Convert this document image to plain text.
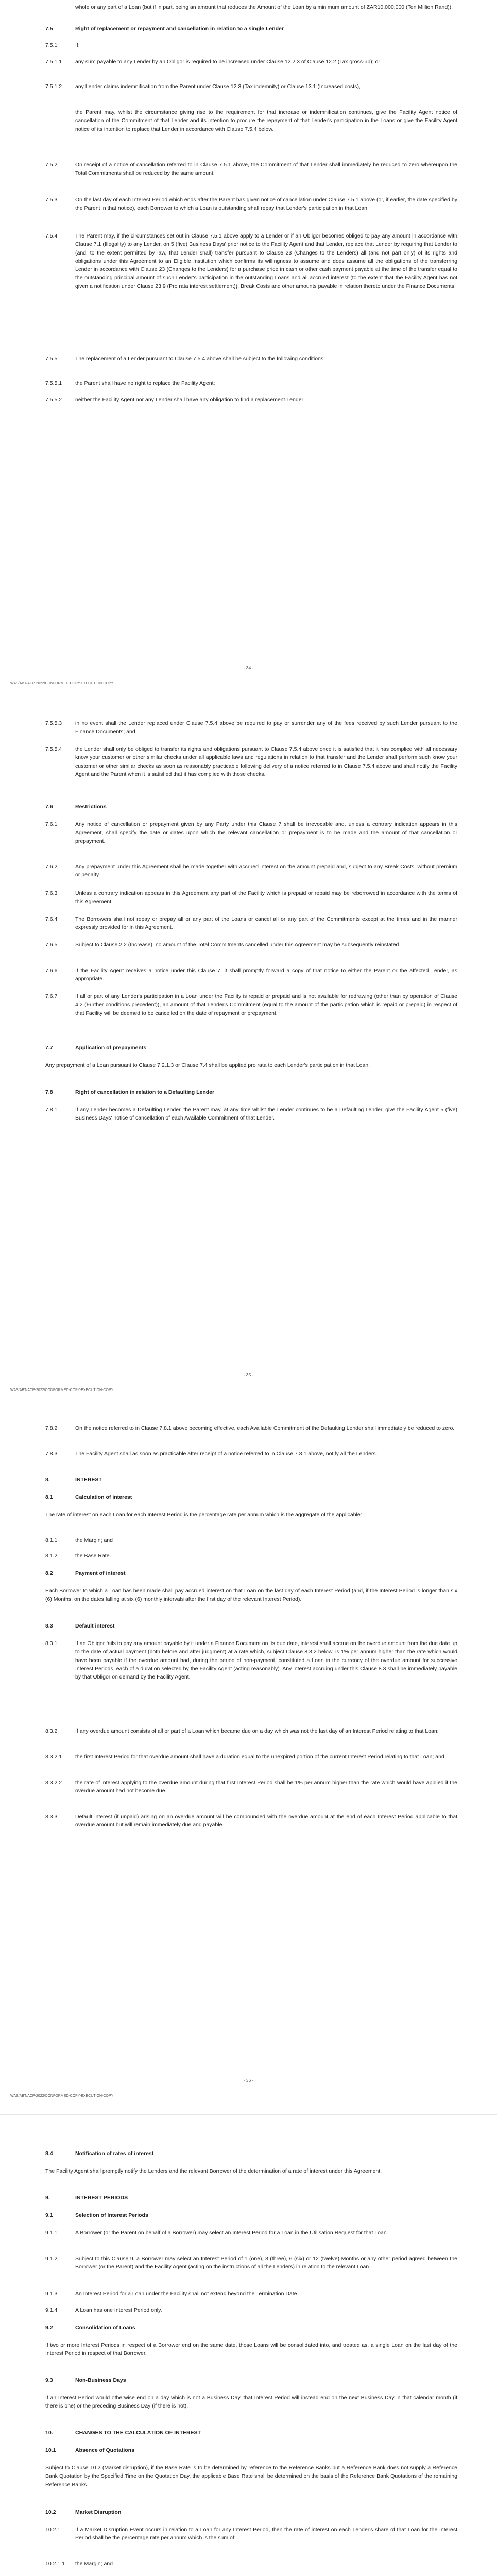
whole or any part of a Loan (but if in part, being an amount that reduces the Amount of the Loan by a minimum amount of ZAR10,000,000 (Ten Million Rand)).
7.5	Right of replacement or repayment and cancellation in relation to a single Lender
7.5.1	If:
7.5.1.1 any sum payable to any Lender by an Obligor is required to be increased under Clause 12.2.3 of Clause 12.2 (Tax gross-up); or
7.5.1.2 any Lender claims indemnification from the Parent under Clause 12.3 (Tax indemnity) or Clause 13.1 (Increased costs),
the Parent may, whilst the circumstance giving rise to the requirement for that increase or indemnification continues, give the Facility Agent notice of cancellation of the Commitment of that Lender and its intention to procure the repayment of that Lender's participation in the Loans or give the Facility Agent notice of its intention to replace that Lender in accordance with Clause 7.5.4 below.
7.5.2	On receipt of a notice of cancellation referred to in Clause 7.5.1 above, the Commitment of that Lender shall immediately be reduced to zero whereupon the Total Commitments shall be reduced by the same amount.
7.5.3	On the last day of each Interest Period which ends after the Parent has given notice of cancellation under Clause 7.5.1 above (or, if earlier, the date specified by the Parent in that notice), each Borrower to which a Loan is outstanding shall repay that Lender's participation in that Loan.
7.5.4	The Parent may, if the circumstances set out in Clause 7.5.1 above apply to a Lender or if an Obligor becomes obliged to pay any amount in accordance with Clause 7.1 (Illegality) to any Lender, on 5 (five) Business Days' prior notice to the Facility Agent and that Lender, replace that Lender by requiring that Lender to (and, to the extent permitted by law, that Lender shall) transfer pursuant to Clause 23 (Changes to the Lenders) all (and not part only) of its rights and obligations under this Agreement to an Eligible Institution which confirms its willingness to assume and does assume all the obligations of the transferring Lender in accordance with Clause 23 (Changes to the Lenders) for a purchase price in cash or other cash payment payable at the time of the transfer equal to the outstanding principal amount of such Lender's participation in the outstanding Loans and all accrued interest (to the extent that the Facility Agent has not given a notification under Clause 23.9 (Pro rata interest settlement)), Break Costs and other amounts payable in relation thereto under the Finance Documents.
7.5.5	The replacement of a Lender pursuant to Clause 7.5.4 above shall be subject to the following conditions:
7.5.5.1 the Parent shall have no right to replace the Facility Agent;
7.5.5.2 neither the Facility Agent nor any Lender shall have any obligation to find a replacement Lender;
- 34 -
WAS/ABT/ACP-2022/CONFORMED-COPY-EXECUTION-COPY
7.5.5.3 in no event shall the Lender replaced under Clause 7.5.4 above be required to pay or surrender any of the fees received by such Lender pursuant to the Finance Documents; and
7.5.5.4 the Lender shall only be obliged to transfer its rights and obligations pursuant to Clause 7.5.4 above once it is satisfied that it has complied with all necessary know your customer or other similar checks under all applicable laws and regulations in relation to that transfer and the Lender shall perform such know your customer or other similar checks as soon as reasonably practicable following delivery of a notice referred to in Clause 7.5.4 above and shall notify the Facility Agent and the Parent when it is satisfied that it has complied with those checks.
7.6	Restrictions
7.6.1	Any notice of cancellation or prepayment given by any Party under this Clause 7 shall be irrevocable and, unless a contrary indication appears in this Agreement, shall specify the date or dates upon which the relevant cancellation or prepayment is to be made and the amount of that cancellation or prepayment.
7.6.2	Any prepayment under this Agreement shall be made together with accrued interest on the amount prepaid and, subject to any Break Costs, without premium or penalty.
7.6.3	Unless a contrary indication appears in this Agreement any part of the Facility which is prepaid or repaid may be reborrowed in accordance with the terms of this Agreement.
7.6.4	The Borrowers shall not repay or prepay all or any part of the Loans or cancel all or any part of the Commitments except at the times and in the manner expressly provided for in this Agreement.
7.6.5	Subject to Clause 2.2 (Increase), no amount of the Total Commitments cancelled under this Agreement may be subsequently reinstated.
7.6.6	If the Facility Agent receives a notice under this Clause 7, it shall promptly forward a copy of that notice to either the Parent or the affected Lender, as appropriate.
7.6.7	If all or part of any Lender's participation in a Loan under the Facility is repaid or prepaid and is not available for redrawing (other than by operation of Clause 4.2 (Further conditions precedent)), an amount of that Lender's Commitment (equal to the amount of the participation which is repaid or prepaid) in respect of that Facility will be deemed to be cancelled on the date of repayment or prepayment.
7.7	Application of prepayments
Any prepayment of a Loan pursuant to Clause 7.2.1.3 or Clause 7.4 shall be applied pro rata to each Lender's participation in that Loan.
7.8	Right of cancellation in relation to a Defaulting Lender
7.8.1	If any Lender becomes a Defaulting Lender, the Parent may, at any time whilst the Lender continues to be a Defaulting Lender, give the Facility Agent 5 (five) Business Days' notice of cancellation of each Available Commitment of that Lender.
- 35 -
WAS/ABT/ACP-2022/CONFORMED-COPY-EXECUTION-COPY
7.8.2	On the notice referred to in Clause 7.8.1 above becoming effective, each Available Commitment of the Defaulting Lender shall immediately be reduced to zero.
7.8.3	The Facility Agent shall as soon as practicable after receipt of a notice referred to in Clause 7.8.1 above, notify all the Lenders.
8.	INTEREST
8.1	Calculation of interest
The rate of interest on each Loan for each Interest Period is the percentage rate per annum which is the aggregate of the applicable:
8.1.1	the Margin; and
8.1.2	the Base Rate.
8.2	Payment of interest
Each Borrower to which a Loan has been made shall pay accrued interest on that Loan on the last day of each Interest Period (and, if the Interest Period is longer than six (6) Months, on the dates falling at six (6) monthly intervals after the first day of the relevant Interest Period).
8.3	Default interest
8.3.1	If an Obligor fails to pay any amount payable by it under a Finance Document on its due date, interest shall accrue on the overdue amount from the due date up to the date of actual payment (both before and after judgment) at a rate which, subject Clause 8.3.2 below, is 1% per annum higher than the rate which would have been payable if the overdue amount had, during the period of non-payment, constituted a Loan in the currency of the overdue amount for successive Interest Periods, each of a duration selected by the Facility Agent (acting reasonably). Any interest accruing under this Clause 8.3 shall be immediately payable by that Obligor on demand by the Facility Agent.
8.3.2	If any overdue amount consists of all or part of a Loan which became due on a day which was not the last day of an Interest Period relating to that Loan:
8.3.2.1 the first Interest Period for that overdue amount shall have a duration equal to the unexpired portion of the current Interest Period relating to that Loan; and
8.3.2.2 the rate of interest applying to the overdue amount during that first Interest Period shall be 1% per annum higher than the rate which would have applied if the overdue amount had not become due.
8.3.3	Default interest (if unpaid) arising on an overdue amount will be compounded with the overdue amount at the end of each Interest Period applicable to that overdue amount but will remain immediately due and payable.
- 36 -
WAS/ABT/ACP-2022/CONFORMED-COPY-EXECUTION-COPY
8.4	Notification of rates of interest
The Facility Agent shall promptly notify the Lenders and the relevant Borrower of the determination of a rate of interest under this Agreement.
9.	INTEREST PERIODS
9.1	Selection of Interest Periods
9.1.1	A Borrower (or the Parent on behalf of a Borrower) may select an Interest Period for a Loan in the Utilisation Request for that Loan.
9.1.2	Subject to this Clause 9, a Borrower may select an Interest Period of 1 (one), 3 (three), 6 (six) or 12 (twelve) Months or any other period agreed between the Borrower (or the Parent) and the Facility Agent (acting on the instructions of all the Lenders) in relation to the relevant Loan.
9.1.3	An Interest Period for a Loan under the Facility shall not extend beyond the Termination Date.
9.1.4	A Loan has one Interest Period only.
9.2	Consolidation of Loans
If two or more Interest Periods in respect of a Borrower end on the same date, those Loans will be consolidated into, and treated as, a single Loan on the last day of the Interest Period in respect of that Borrower.
9.3	Non-Business Days
If an Interest Period would otherwise end on a day which is not a Business Day, that Interest Period will instead end on the next Business Day in that calendar month (if there is one) or the preceding Business Day (if there is not).
10.	CHANGES TO THE CALCULATION OF INTEREST
10.1	Absence of Quotations
Subject to Clause 10.2 (Market disruption), if the Base Rate is to be determined by reference to the Reference Banks but a Reference Bank does not supply a Reference Bank Quotation by the Specified Time on the Quotation Day, the applicable Base Rate shall be determined on the basis of the Reference Bank Quotations of the remaining Reference Banks.
10.2	Market Disruption
10.2.1	If a Market Disruption Event occurs in relation to a Loan for any Interest Period, then the rate of interest on each Lender's share of that Loan for the Interest Period shall be the percentage rate per annum which is the sum of:
10.2.1.1 the Margin; and
